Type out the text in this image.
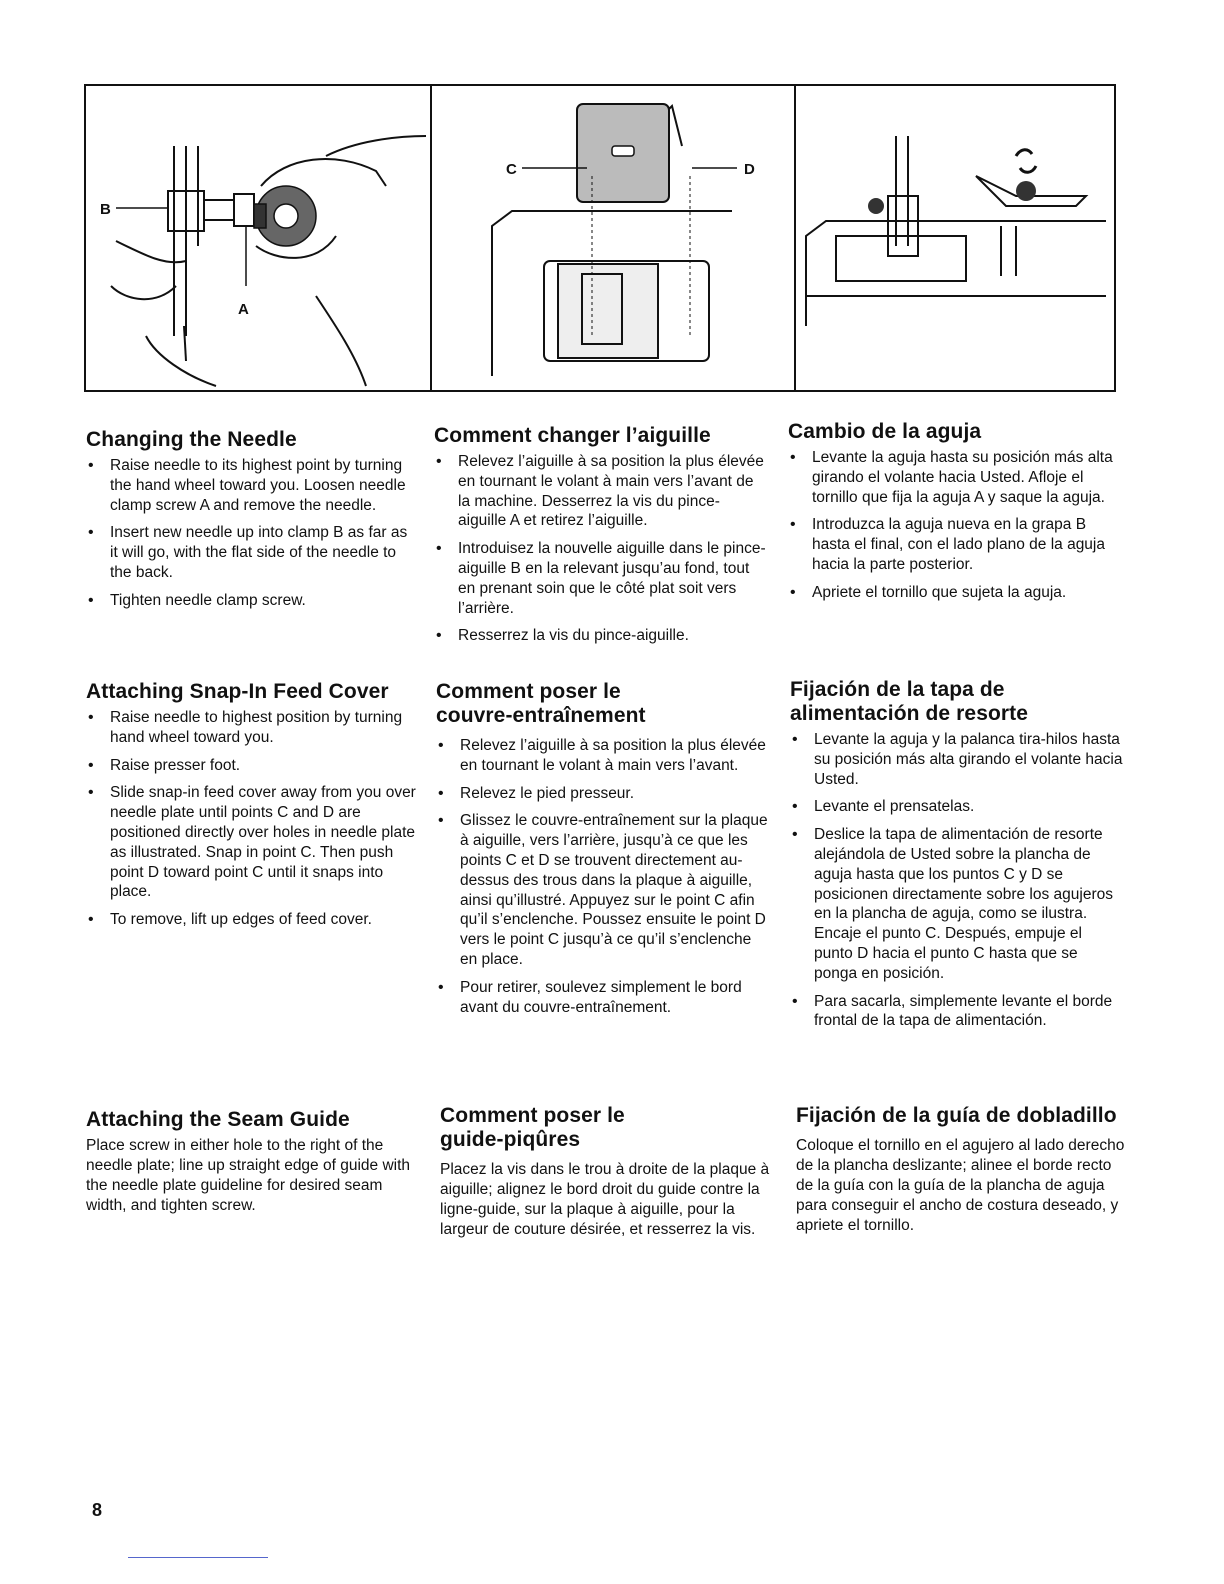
B
A
C	D
Changing the Needle
• Raise needle to its highest point by turning the hand wheel toward you. Loosen needle clamp screw A and remove the needle.
• Insert new needle up into clamp B as far as it will go, with the flat side of the needle to the back.
• Tighten needle clamp screw.
Attaching Snap-In Feed Cover
• Raise needle to highest position by turning hand wheel toward you.
• Raise presser foot.
• Slide snap-in feed cover away from you over needle plate until points C and D are positioned directly over holes in needle plate as illustrated. Snap in point C. Then push point D toward point C until it snaps into place.
• To remove, lift up edges of feed cover.
Attaching the Seam Guide

Place screw in either hole to the right of the needle plate; line up straight edge of guide with the needle plate guideline for desired seam width, and tighten screw.

Comment changer l’aiguille
• Relevez l’aiguille à sa position la plus élevée en tournant le volant à main vers l’avant de la machine. Desserrez la vis du pince-aiguille A et retirez l’aiguille.
• Introduisez la nouvelle aiguille dans le pince-aiguille B en la relevant jusqu’au fond, tout en prenant soin que le côté plat soit vers l’arrière.
• Resserrez la vis du pince-aiguille.
Comment poser le
couvre-entraînement
• Relevez l’aiguille à sa position la plus élevée en tournant le volant à main vers l’avant.
• Relevez le pied presseur.
• Glissez le couvre-entraînement sur la plaque à aiguille, vers l’arrière, jusqu’à ce que les points C et D se trouvent directement au-dessus des trous dans la plaque à aiguille, ainsi qu’illustré. Appuyez sur le point C afin qu’il s’enclenche. Poussez ensuite le point D vers le point C jusqu’à ce qu’il s’enclenche en place.
• Pour retirer, soulevez simplement le bord avant du couvre-entraînement.
Comment poser le
guide-piqûres

Placez la vis dans le trou à droite de la plaque à aiguille; alignez le bord droit du guide contre la ligne-guide, sur la plaque à aiguille, pour la largeur de couture désirée, et resserrez la vis.

Cambio de la aguja
• Levante la aguja hasta su posición más alta girando el volante hacia Usted. Afloje el tornillo que fija la aguja A y saque la aguja.
• Introduzca la aguja nueva en la grapa B hasta el final, con el lado plano de la aguja hacia la parte posterior.
• Apriete el tornillo que sujeta la aguja.
Fijación de la tapa de
alimentación de resorte
• Levante la aguja y la palanca tira-hilos hasta su posición más alta girando el volante hacia Usted.
• Levante el prensatelas.
• Deslice la tapa de alimentación de resorte alejándola de Usted sobre la plancha de aguja hasta que los puntos C y D se posicionen directamente sobre los agujeros en la plancha de aguja, como se ilustra. Encaje el punto C. Después, empuje el punto D hacia el punto C hasta que se ponga en posición.
• Para sacarla, simplemente levante el borde frontal de la tapa de alimentación.
Fijación de la guía de dobladillo

Coloque el tornillo en el agujero al lado derecho de la plancha deslizante; alinee el borde recto de la guía con la guía de la plancha de aguja para conseguir el ancho de costura deseado, y apriete el tornillo.

8
